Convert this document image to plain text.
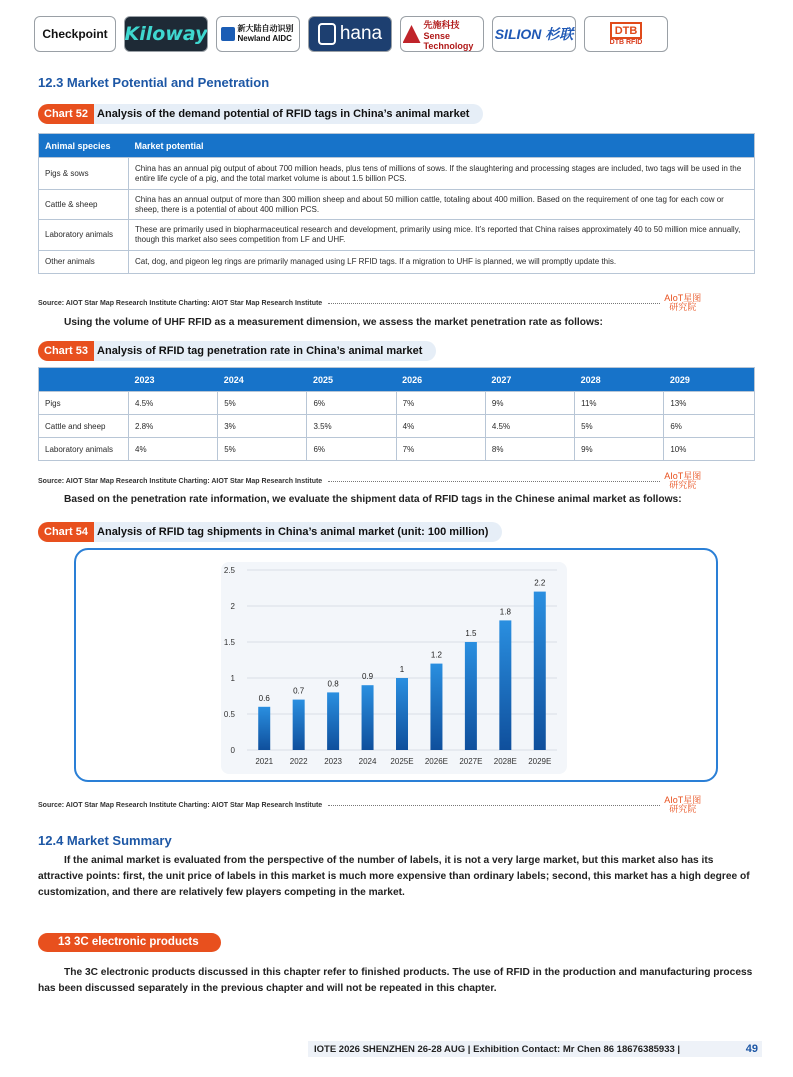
Checkpoint Kiloway	新大陆自动识别 Newland AIDC	hana	先施科技 Sense Technology
SILION 杉联	DTB
DTB RFID
12.3 Market Potential and Penetration
Chart 52 Analysis of the demand potential of RFID tags in China’s animal market
Animal species	Market potential
Pigs & sows	China has an annual pig output of about 700 million heads, plus tens of millions of sows. If the slaughtering and processing stages are included, two tags will be used in the entire life cycle of a pig, and the total market volume is about 1.5 billion PCS.
Cattle & sheep	China has an annual output of more than 300 million sheep and about 50 million cattle, totaling about 400 million. Based on the requirement of one tag for each cow or sheep, there is a potential of about 400 million PCS.
Laboratory animals	These are primarily used in biopharmaceutical research and development, primarily using mice. It’s reported that China raises approximately 40 to 50 million mice annually, though this market also sees competition from LF and UHF.
Other animals	Cat, dog, and pigeon leg rings are primarily managed using LF RFID tags. If a migration to UHF is planned, we will promptly update this.
Source: AIOT Star Map Research Institute Charting: AIOT Star Map Research Institute	AIoT星图
研究院

Using the volume of UHF RFID as a measurement dimension, we assess the market penetration rate as follows:

Chart 53 Analysis of RFID tag penetration rate in China’s animal market
	2023	2024	2025	2026	2027	2028	2029
Pigs	4.5%	5%	6%	7%	9%	11%	13%
Cattle and sheep	2.8%	3%	3.5%	4%	4.5%	5%	6%
Laboratory animals	4%	5%	6%	7%	8%	9%	10%
Source: AIOT Star Map Research Institute Charting: AIOT Star Map Research Institute	AIoT星图
研究院

Based on the penetration rate information, we evaluate the shipment data of RFID tags in the Chinese animal market as follows:

Chart 54 Analysis of RFID tag shipments in China’s animal market (unit: 100 million)
0
0.5
1
1.5
2
2.5
0.6
2021
0.7
2022
0.8
2023
0.9
2024
1
2025E
1.2
2026E
1.5
2027E
1.8
2028E
2.2
2029E
Source: AIOT Star Map Research Institute Charting: AIOT Star Map Research Institute	AIoT星图
研究院
12.4 Market Summary

If the animal market is evaluated from the perspective of the number of labels, it is not a very large market, but this market also has its attractive points: first, the unit price of labels in this market is much more expensive than ordinary labels; second, this market has a high degree of customization, and there are relatively few players competing in the market.

13 3C electronic products

The 3C electronic products discussed in this chapter refer to finished products. The use of RFID in the production and manufacturing process has been discussed separately in the previous chapter and will not be repeated in this chapter.

IOTE 2026 SHENZHEN 26-28 AUG | Exhibition Contact: Mr Chen 86 18676385933 |	49
